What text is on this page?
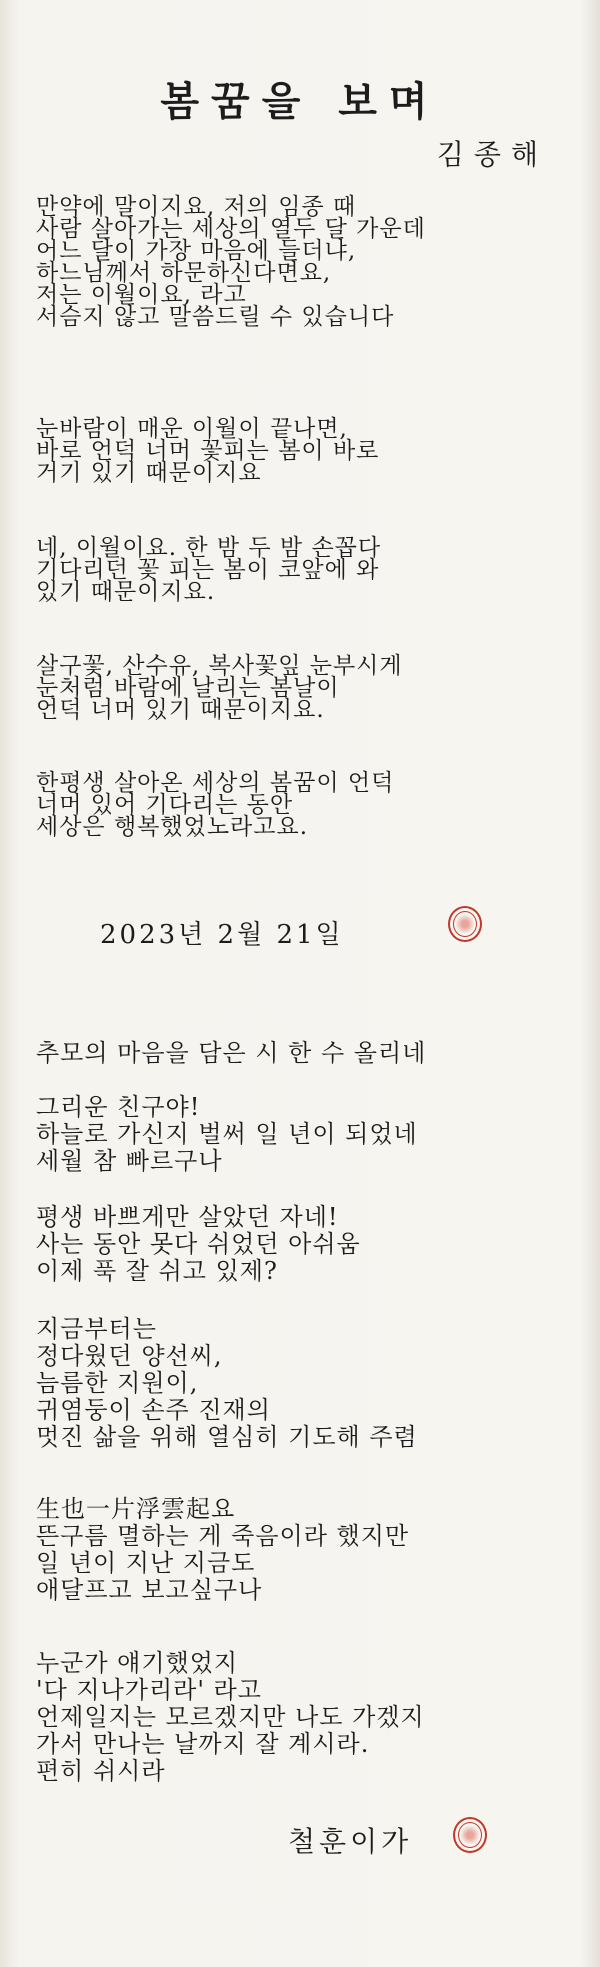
봄꿈을 보며
김종해
만약에 말이지요, 저의 임종 때
사람 살아가는 세상의 열두 달 가운데
어느 달이 가장 마음에 들더냐,
하느님께서 하문하신다면요,
저는 이월이요, 라고
서슴지 않고 말씀드릴 수 있습니다
눈바람이 매운 이월이 끝나면,
바로 언덕 너머 꽃피는 봄이 바로
거기 있기 때문이지요
네, 이월이요. 한 밤 두 밤 손꼽다
기다리던 꽃 피는 봄이 코앞에 와
있기 때문이지요.
살구꽃, 산수유, 복사꽃잎 눈부시게
눈처럼 바람에 날리는 봄날이
언덕 너머 있기 때문이지요.
한평생 살아온 세상의 봄꿈이 언덕
너머 있어 기다리는 동안
세상은 행복했었노라고요.
2023년 2월 21일
추모의 마음을 담은 시 한 수 올리네
그리운 친구야!
하늘로 가신지 벌써 일 년이 되었네
세월 참 빠르구나
평생 바쁘게만 살았던 자네!
사는 동안 못다 쉬었던 아쉬움
이제 푹 잘 쉬고 있제?
지금부터는
정다웠던 양선씨,
늠름한 지원이,
귀염둥이 손주 진재의
멋진 삶을 위해 열심히 기도해 주렴
生也一片浮雲起요
뜬구름 멸하는 게 죽음이라 했지만
일 년이 지난 지금도
애달프고 보고싶구나
누군가 얘기했었지
'다 지나가리라' 라고
언제일지는 모르겠지만 나도 가겠지
가서 만나는 날까지 잘 계시라.
편히 쉬시라
철훈이가
